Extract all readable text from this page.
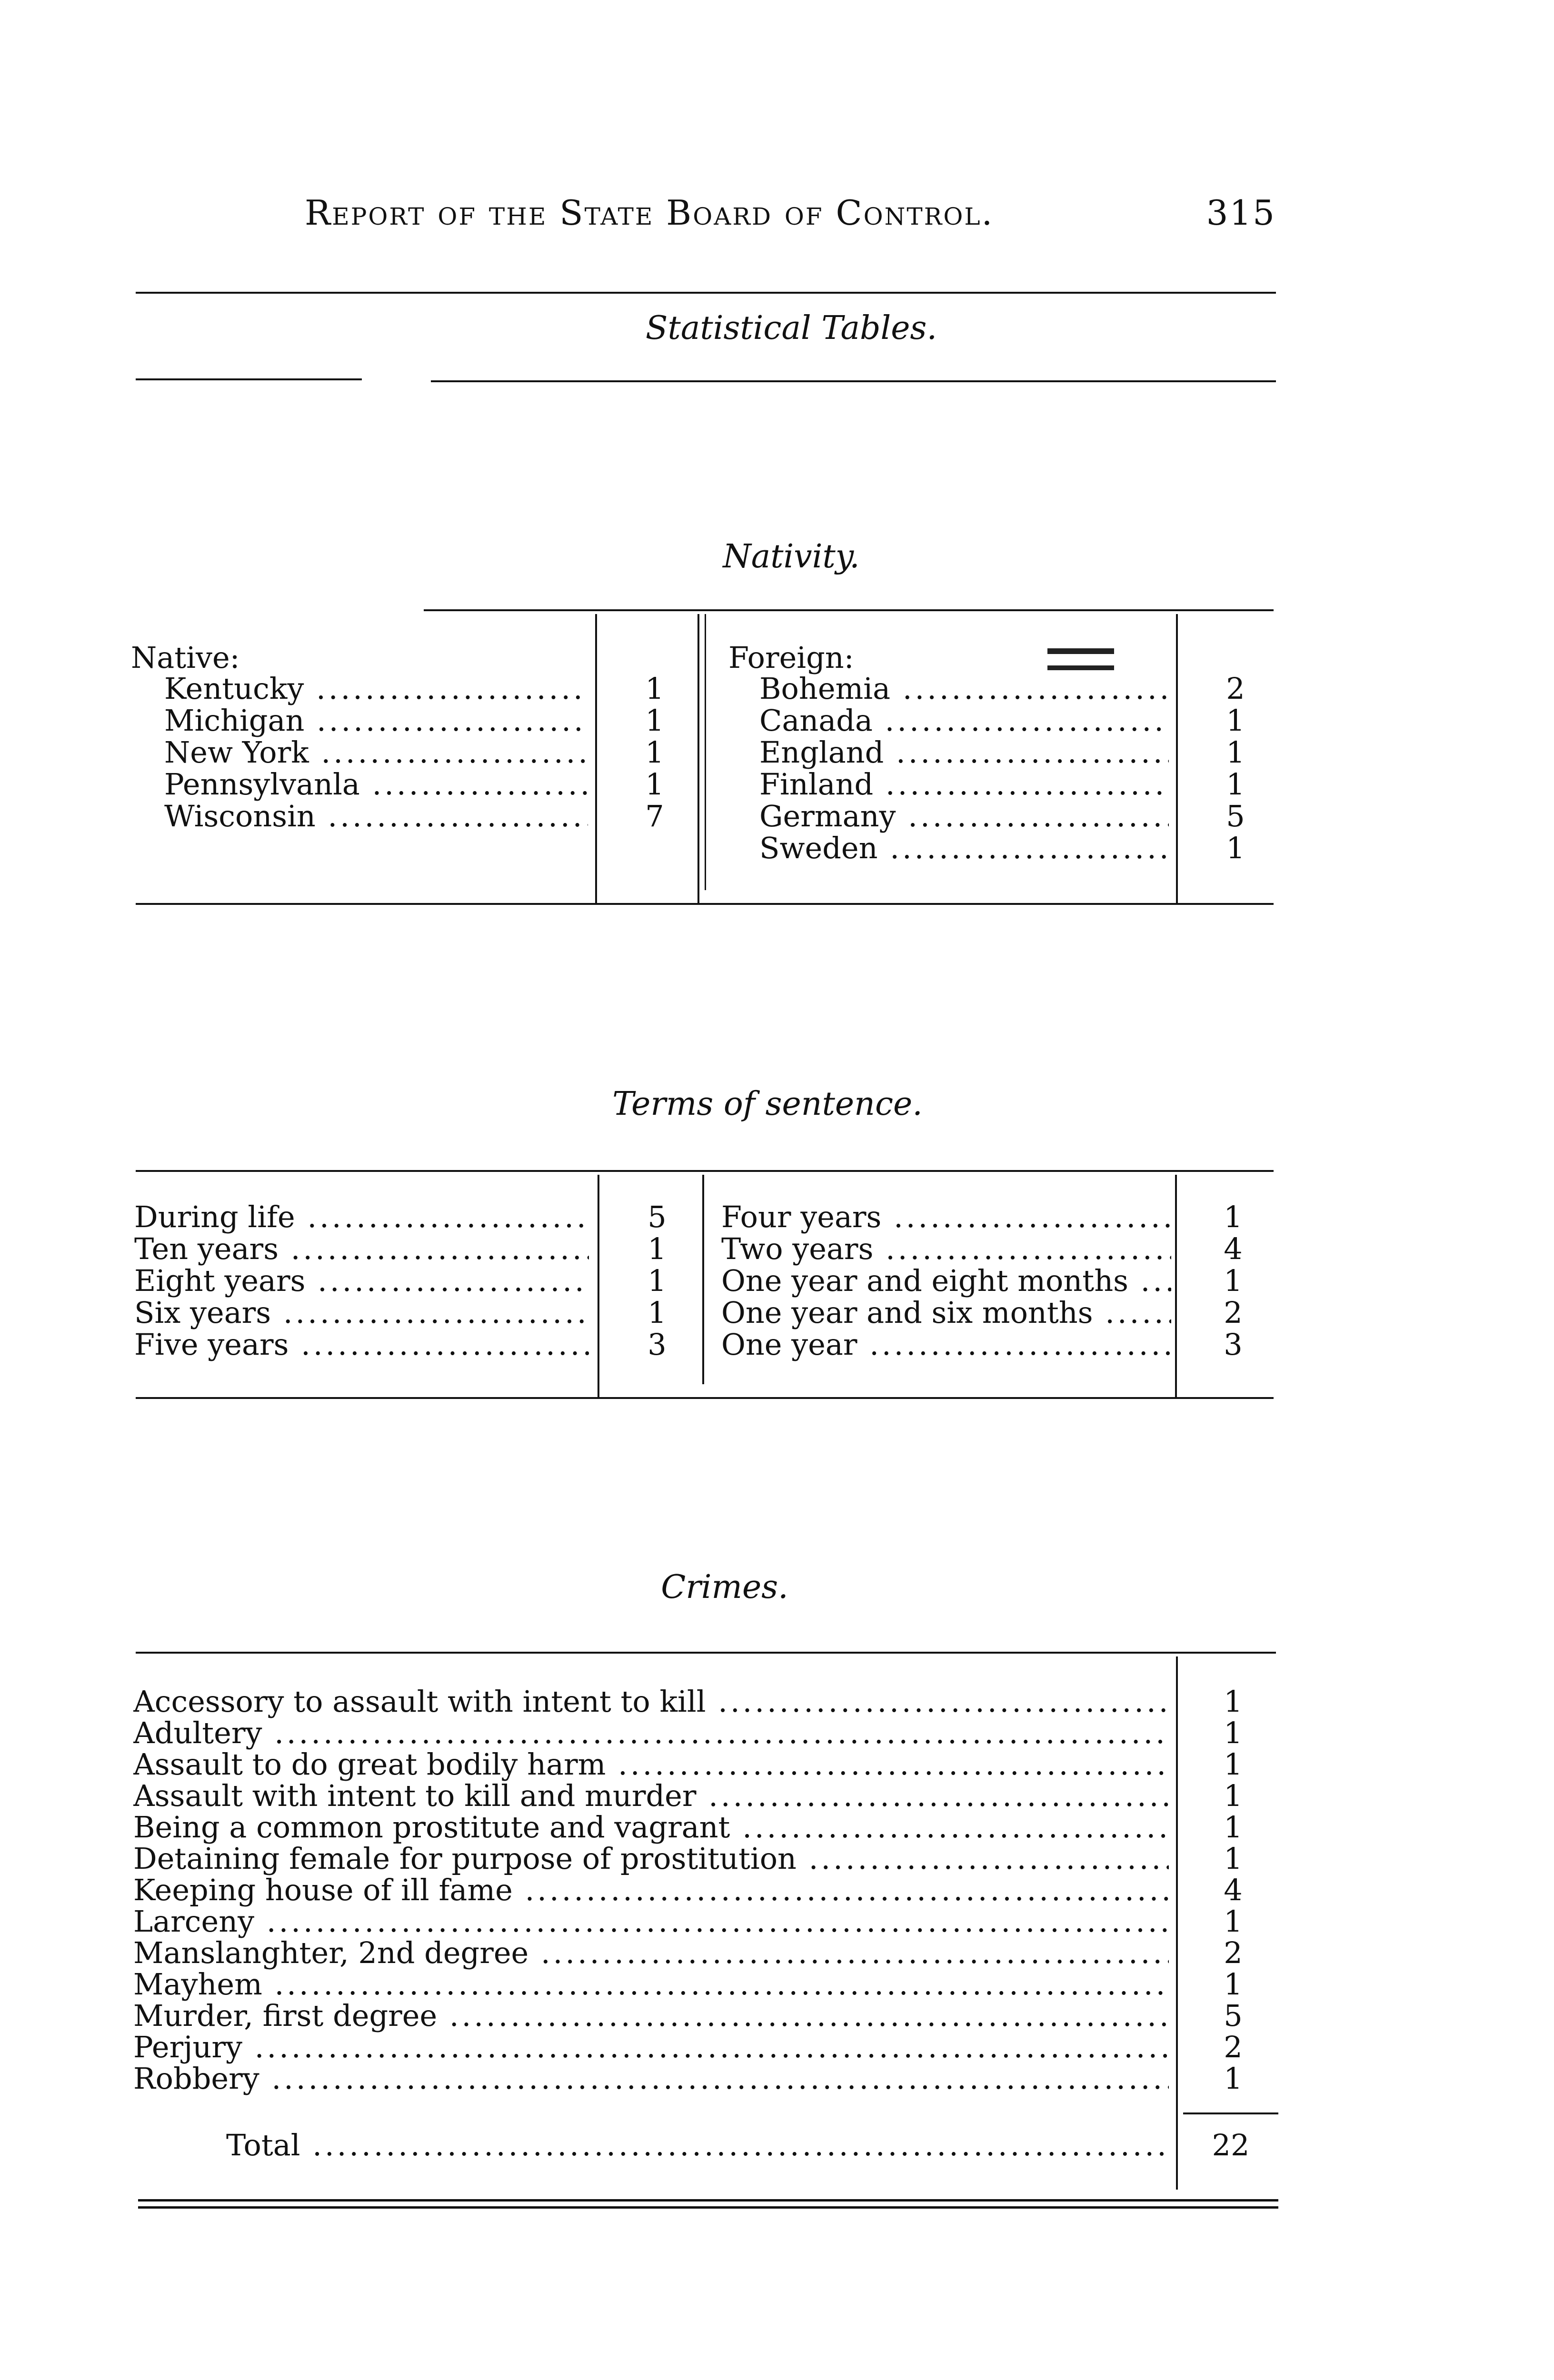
Report of the State Board of Control.	315
Statistical Tables.
Nativity.
Native:	Foreign:
Kentucky .....	1
Michigan .....	1
New York .....	1
Pennsylvanla .....	1
Wisconsin .....	7
Bohemia .....	2
Canada .....	1
England .....	1
Finland .....	1
Germany .....	5
Sweden .....	1
Terms of sentence.
During life .....	5
Ten years .....	1
Eight years .....	1
Six years .....	1
Five years .....	3
Four years .....	1
Two years .....	4
One year and eight months .....	1
One year and six months .....	2
One year .....	3
Crimes.
Accessory to assault with intent to kill .....	1
Adultery .....	1
Assault to do great bodily harm .....	1
Assault with intent to kill and murder .....	1
Being a common prostitute and vagrant .....	1
Detaining female for purpose of prostitution .....	1
Keeping house of ill fame .....	4
Larceny .....	1
Manslanghter, 2nd degree .....	2
Mayhem .....	1
Murder, first degree .....	5
Perjury .....	2
Robbery .....	1
Total .....	22
